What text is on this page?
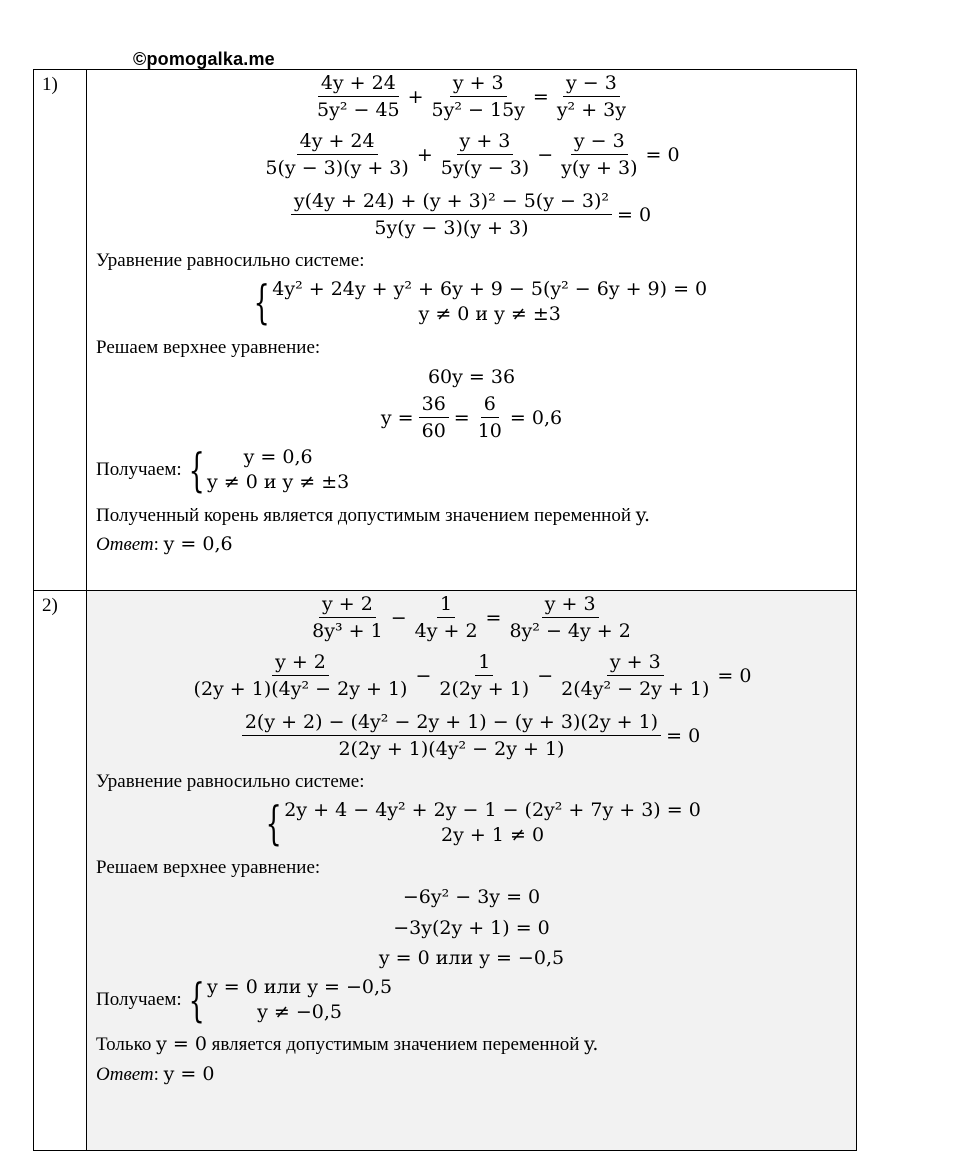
©pomogalka.me
1)	$\frac{4y + 24}{\text{5y² − 45}} + \frac{y + 3}{\text{5y² − 15y}} = \frac{y - 3}{\text{y² + 3y}}$
$\frac{4y + 24}{5(y - 3)(y + 3)} + \frac{y + 3}{5y(y - 3)} - \frac{y - 3}{y(y + 3)} = 0$
$\frac{\text{y(4y + 24) + (y + 3)² − 5(y − 3)²}}{5y(y - 3)(y + 3)} = 0$
Уравнение равносильно системе:
{ 4y² + 24y + y² + 6y + 9 − 5(y² − 6y + 9) = 0
y ≠ 0 и y ≠ ±3
Решаем верхнее уравнение:
60y = 36
$y = \frac{36}{60} = \frac{6}{10} = 0,6$
Получаем: { y = 0,6
y ≠ 0 и y ≠ ±3
Полученный корень является допустимым значением переменной y.
Ответ: y = 0,6
2)	$\frac{y + 2}{\text{8y³ + 1}} - \frac{1}{4y + 2} = \frac{y + 3}{\text{8y² − 4y + 2}}$
$\frac{y + 2}{\text{(2y + 1)(4y² − 2y + 1)}} - \frac{1}{2(2y + 1)} - \frac{y + 3}{\text{2(4y² − 2y + 1)}} = 0$
$\frac{\text{2(y + 2) − (4y² − 2y + 1) − (y + 3)(2y + 1)}}{\text{2(2y + 1)(4y² − 2y + 1)}} = 0$
Уравнение равносильно системе:
{ 2y + 4 − 4y² + 2y − 1 − (2y² + 7y + 3) = 0
2y + 1 ≠ 0
Решаем верхнее уравнение:
−6y² − 3y = 0
−3y(2y + 1) = 0
y = 0 или y = −0,5
Получаем: { y = 0 или y = −0,5
y ≠ −0,5
Только y = 0 является допустимым значением переменной y.
Ответ: y = 0
